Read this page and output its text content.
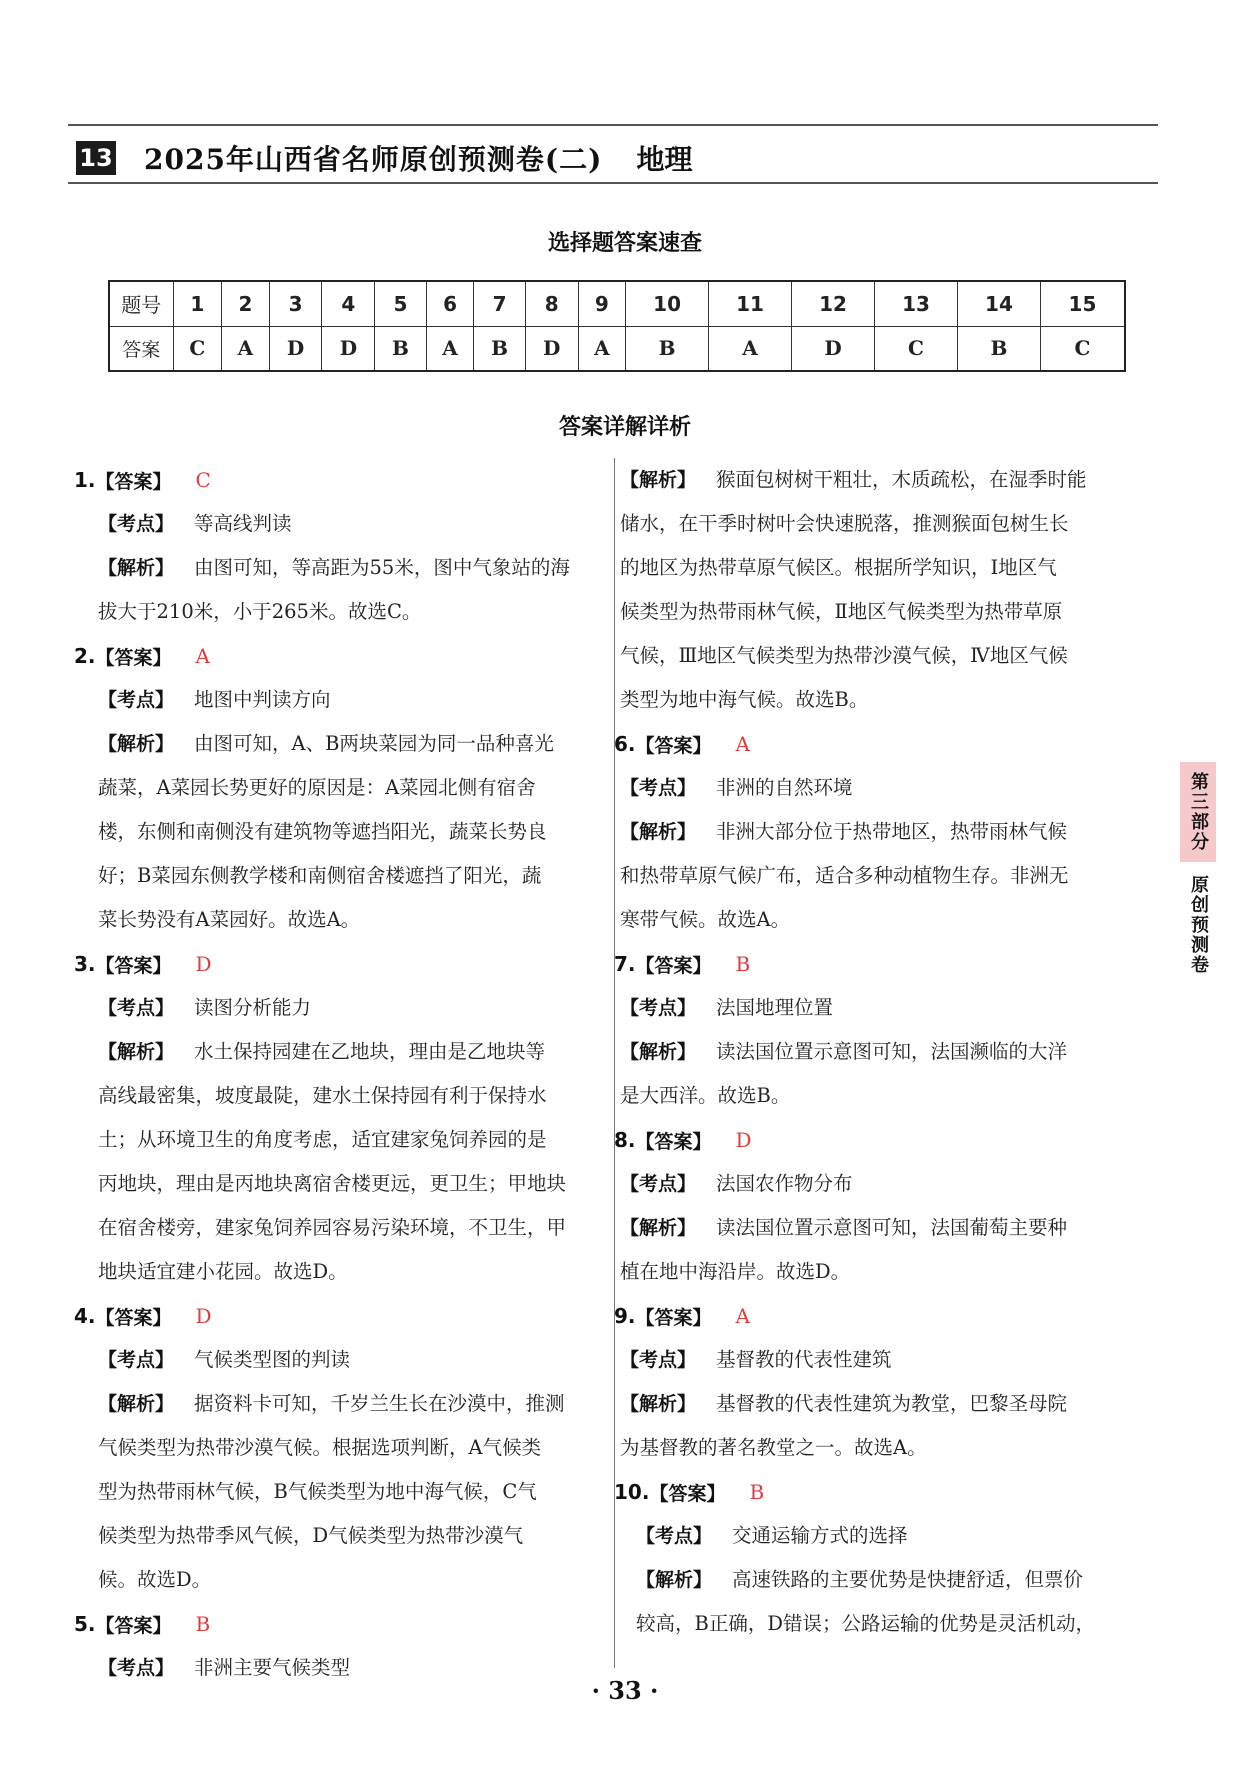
13 2025年山西省名师原创预测卷(二) 地理
选择题答案速查
题号	1	2	3	4	5	6	7	8	9	10	11	12	13	14	15
答案	C	A	D	D	B	A	B	D	A	B	A	D	C	B	C
答案详解详析
1. 【答案】 C
【考点】 等高线判读
【解析】 由图可知，等高距为55米，图中气象站的海
拔大于210米，小于265米。故选C。
2. 【答案】 A
【考点】 地图中判读方向
【解析】 由图可知，A、B两块菜园为同一品种喜光
蔬菜，A菜园长势更好的原因是：A菜园北侧有宿舍
楼，东侧和南侧没有建筑物等遮挡阳光，蔬菜长势良
好；B菜园东侧教学楼和南侧宿舍楼遮挡了阳光，蔬
菜长势没有A菜园好。故选A。
3. 【答案】 D
【考点】 读图分析能力
【解析】 水土保持园建在乙地块，理由是乙地块等
高线最密集，坡度最陡，建水土保持园有利于保持水
土；从环境卫生的角度考虑，适宜建家兔饲养园的是
丙地块，理由是丙地块离宿舍楼更远，更卫生；甲地块
在宿舍楼旁，建家兔饲养园容易污染环境，不卫生，甲
地块适宜建小花园。故选D。
4. 【答案】 D
【考点】 气候类型图的判读
【解析】 据资料卡可知，千岁兰生长在沙漠中，推测
气候类型为热带沙漠气候。根据选项判断，A气候类
型为热带雨林气候，B气候类型为地中海气候，C气
候类型为热带季风气候，D气候类型为热带沙漠气
候。故选D。
5. 【答案】 B
【考点】 非洲主要气候类型
【解析】 猴面包树树干粗壮，木质疏松，在湿季时能
储水，在干季时树叶会快速脱落，推测猴面包树生长
的地区为热带草原气候区。根据所学知识，Ⅰ地区气
候类型为热带雨林气候，Ⅱ地区气候类型为热带草原
气候，Ⅲ地区气候类型为热带沙漠气候，Ⅳ地区气候
类型为地中海气候。故选B。
6. 【答案】 A
【考点】 非洲的自然环境
【解析】 非洲大部分位于热带地区，热带雨林气候
和热带草原气候广布，适合多种动植物生存。非洲无
寒带气候。故选A。
7. 【答案】 B
【考点】 法国地理位置
【解析】 读法国位置示意图可知，法国濒临的大洋
是大西洋。故选B。
8. 【答案】 D
【考点】 法国农作物分布
【解析】 读法国位置示意图可知，法国葡萄主要种
植在地中海沿岸。故选D。
9. 【答案】 A
【考点】 基督教的代表性建筑
【解析】 基督教的代表性建筑为教堂，巴黎圣母院
为基督教的著名教堂之一。故选A。
10. 【答案】 B
【考点】 交通运输方式的选择
【解析】 高速铁路的主要优势是快捷舒适，但票价
较高，B正确，D错误；公路运输的优势是灵活机动，
第三部分
原创预测卷
· 33 ·
